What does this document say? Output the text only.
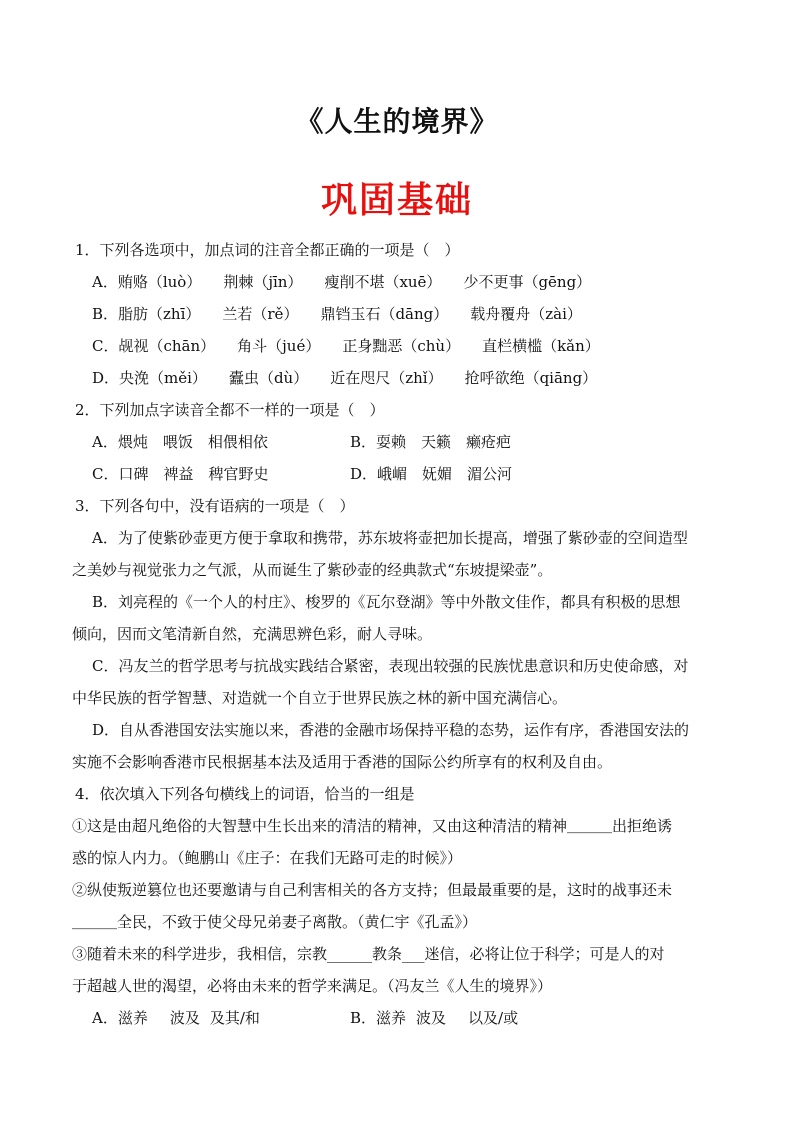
《人生的境界》
巩固基础
1．下列各选项中，加点词的注音全都正确的一项是（　）
A．贿赂（luò） 荆棘（jīn） 瘦削不堪（xuē） 少不更事（gēng）
B．脂肪（zhī） 兰若（rě） 鼎铛玉石（dāng） 载舟覆舟（zài）
C．觇视（chān） 角斗（jué） 正身黜恶（chù） 直栏横槛（kǎn）
D．央浼（měi） 蠹虫（dù） 近在咫尺（zhǐ） 抢呼欲绝（qiāng）
2．下列加点字读音全都不一样的一项是（　）
A．煨炖　喂饭　相偎相依	B．耍赖　天籁　癞疮疤
C．口碑　裨益　稗官野史	D．峨嵋　妩媚　湄公河
3．下列各句中，没有语病的一项是（　）
A．为了使紫砂壶更方便于拿取和携带，苏东坡将壶把加长提高，增强了紫砂壶的空间造型
之美妙与视觉张力之气派，从而诞生了紫砂壶的经典款式“东坡提梁壶”。
B．刘亮程的《一个人的村庄》、梭罗的《瓦尔登湖》等中外散文佳作，都具有积极的思想
倾向，因而文笔清新自然，充满思辨色彩，耐人寻味。
C．冯友兰的哲学思考与抗战实践结合紧密，表现出较强的民族忧患意识和历史使命感，对
中华民族的哲学智慧、对造就一个自立于世界民族之林的新中国充满信心。
D．自从香港国安法实施以来，香港的金融市场保持平稳的态势，运作有序，香港国安法的
实施不会影响香港市民根据基本法及适用于香港的国际公约所享有的权利及自由。
4．依次填入下列各句横线上的词语，恰当的一组是
①这是由超凡绝俗的大智慧中生长出来的清洁的精神，又由这种清洁的精神＿＿＿出拒绝诱
惑的惊人内力。（鲍鹏山《庄子：在我们无路可走的时候》）
②纵使叛逆篡位也还要邀请与自己利害相关的各方支持；但最最重要的是，这时的战事还未
＿＿＿全民，不致于使父母兄弟妻子离散。（黄仁宇《孔孟》）
③随着未来的科学进步，我相信，宗教______教条___迷信，必将让位于科学；可是人的对
于超越人世的渴望，必将由未来的哲学来满足。（冯友兰《人生的境界》）
A．滋养 波及 及其/和	B．滋养 波及 以及/或
